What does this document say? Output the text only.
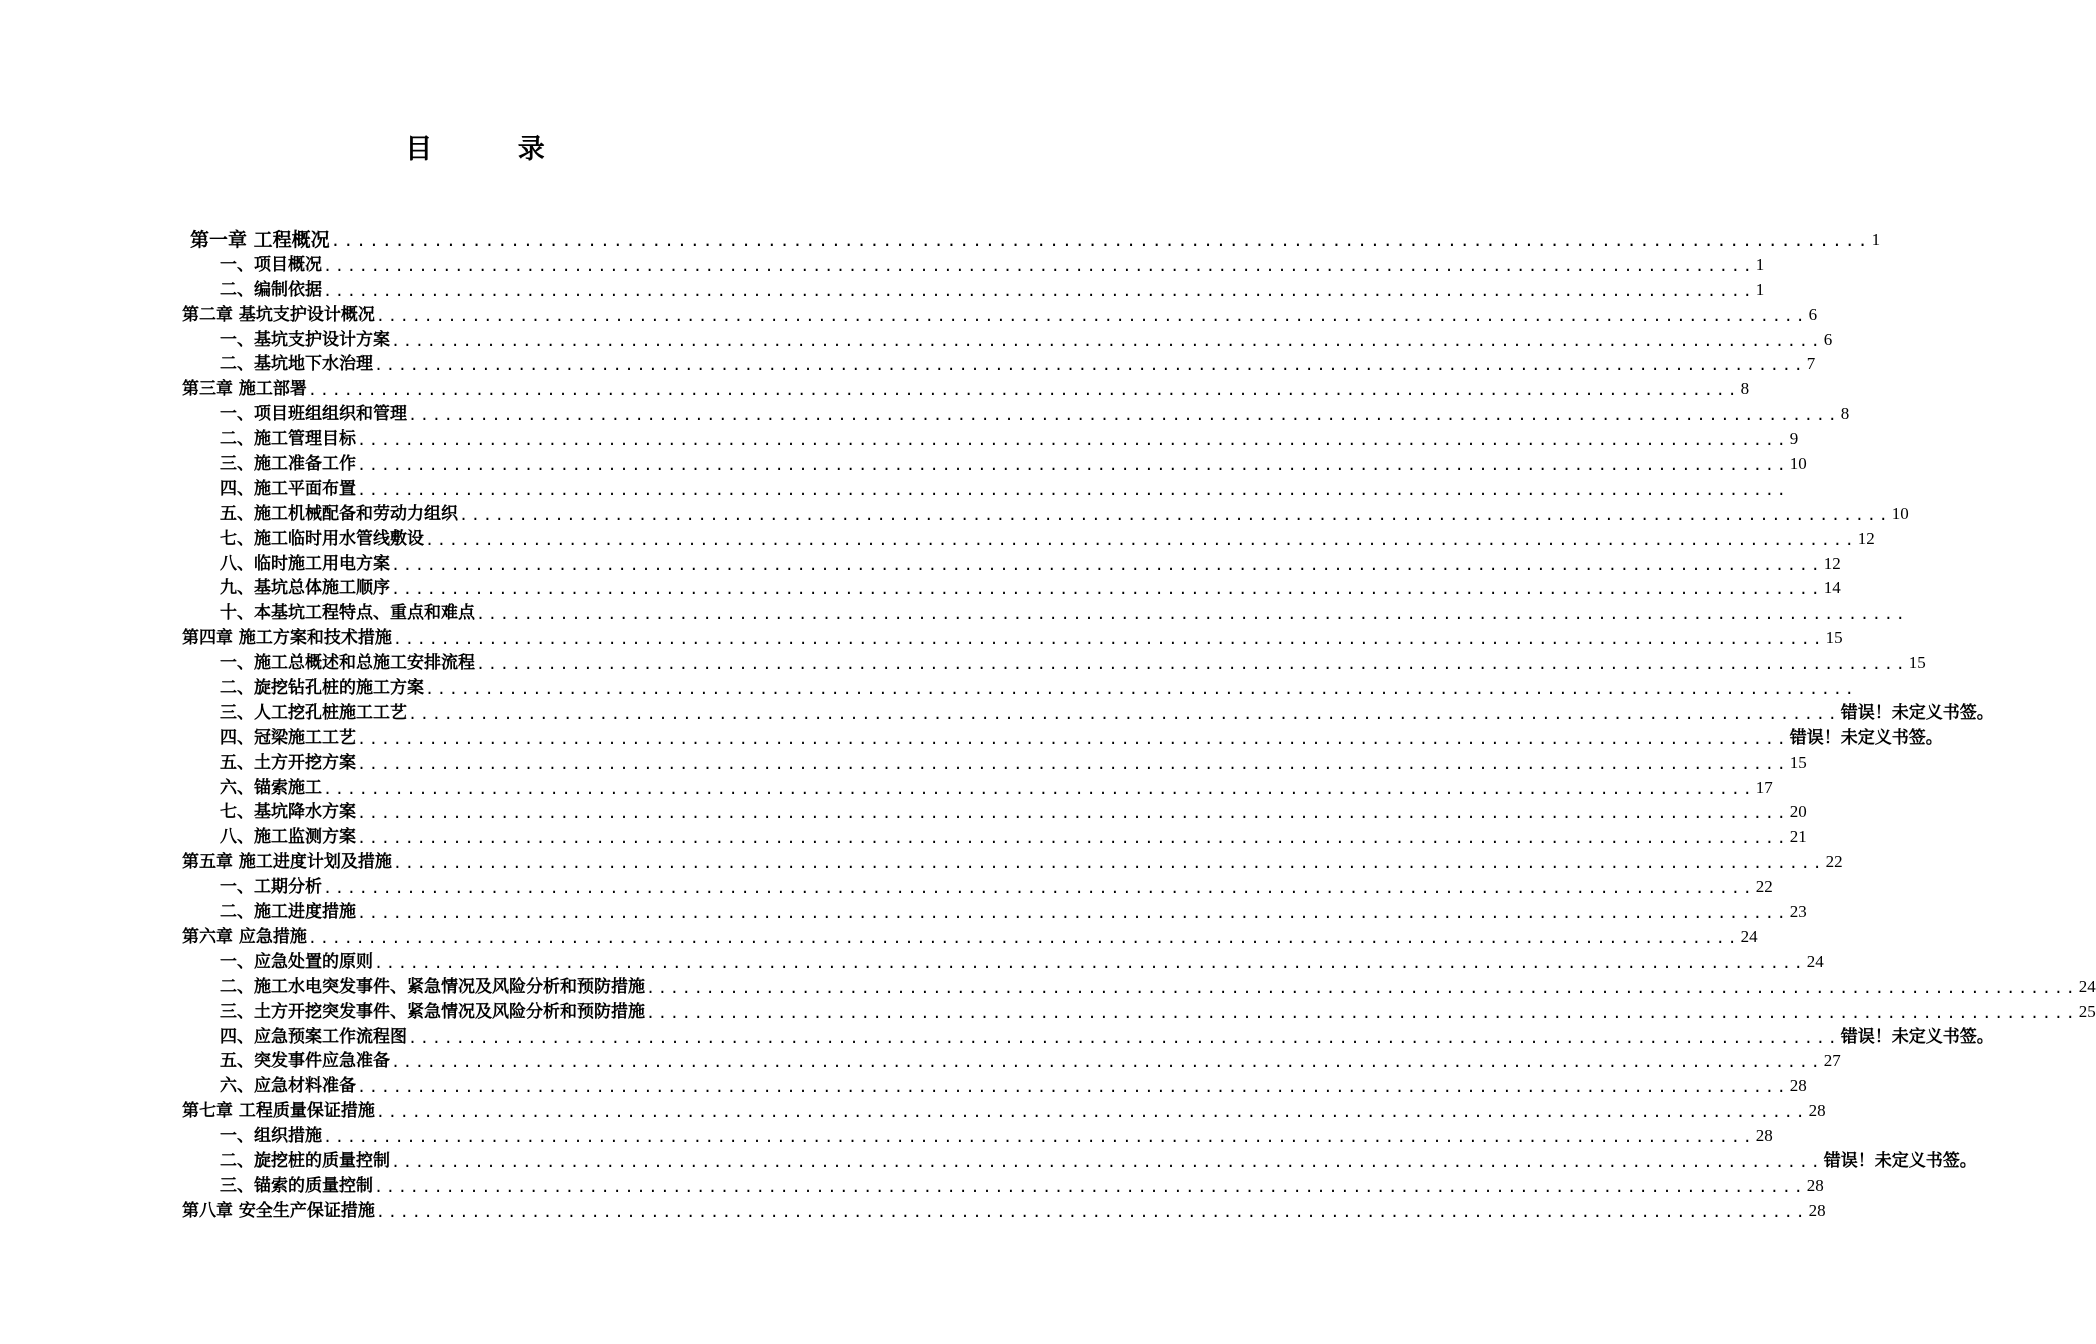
目 录
第一章 工程概况 ........................................................................................................................ 1
一、项目概况 ........................................................................................................................ 1
二、编制依据 ........................................................................................................................ 1
第二章 基坑支护设计概况 ........................................................................................................................ 6
一、基坑支护设计方案 ........................................................................................................................ 6
二、基坑地下水治理 ........................................................................................................................ 7
第三章 施工部署 ........................................................................................................................ 8
一、项目班组组织和管理 ........................................................................................................................ 8
二、施工管理目标 ........................................................................................................................ 9
三、施工准备工作 ........................................................................................................................ 10
四、施工平面布置 ........................................................................................................................
五、施工机械配备和劳动力组织 ........................................................................................................................ 10
七、施工临时用水管线敷设 ........................................................................................................................ 12
八、临时施工用电方案 ........................................................................................................................ 12
九、基坑总体施工顺序 ........................................................................................................................ 14
十、本基坑工程特点、重点和难点 ........................................................................................................................
第四章 施工方案和技术措施 ........................................................................................................................ 15
一、施工总概述和总施工安排流程 ........................................................................................................................ 15
二、旋挖钻孔桩的施工方案 ........................................................................................................................
三、人工挖孔桩施工工艺 ........................................................................................................................ 错误！未定义书签。
四、冠梁施工工艺 ........................................................................................................................ 错误！未定义书签。
五、土方开挖方案 ........................................................................................................................ 15
六、锚索施工 ........................................................................................................................ 17
七、基坑降水方案 ........................................................................................................................ 20
八、施工监测方案 ........................................................................................................................ 21
第五章 施工进度计划及措施 ........................................................................................................................ 22
一、工期分析 ........................................................................................................................ 22
二、施工进度措施 ........................................................................................................................ 23
第六章 应急措施 ........................................................................................................................ 24
一、应急处置的原则 ........................................................................................................................ 24
二、施工水电突发事件、紧急情况及风险分析和预防措施 ........................................................................................................................ 24
三、土方开挖突发事件、紧急情况及风险分析和预防措施 ........................................................................................................................ 25
四、应急预案工作流程图 ........................................................................................................................ 错误！未定义书签。
五、突发事件应急准备 ........................................................................................................................ 27
六、应急材料准备 ........................................................................................................................ 28
第七章 工程质量保证措施 ........................................................................................................................ 28
一、组织措施 ........................................................................................................................ 28
二、旋挖桩的质量控制 ........................................................................................................................ 错误！未定义书签。
三、锚索的质量控制 ........................................................................................................................ 28
第八章 安全生产保证措施 ........................................................................................................................ 28
